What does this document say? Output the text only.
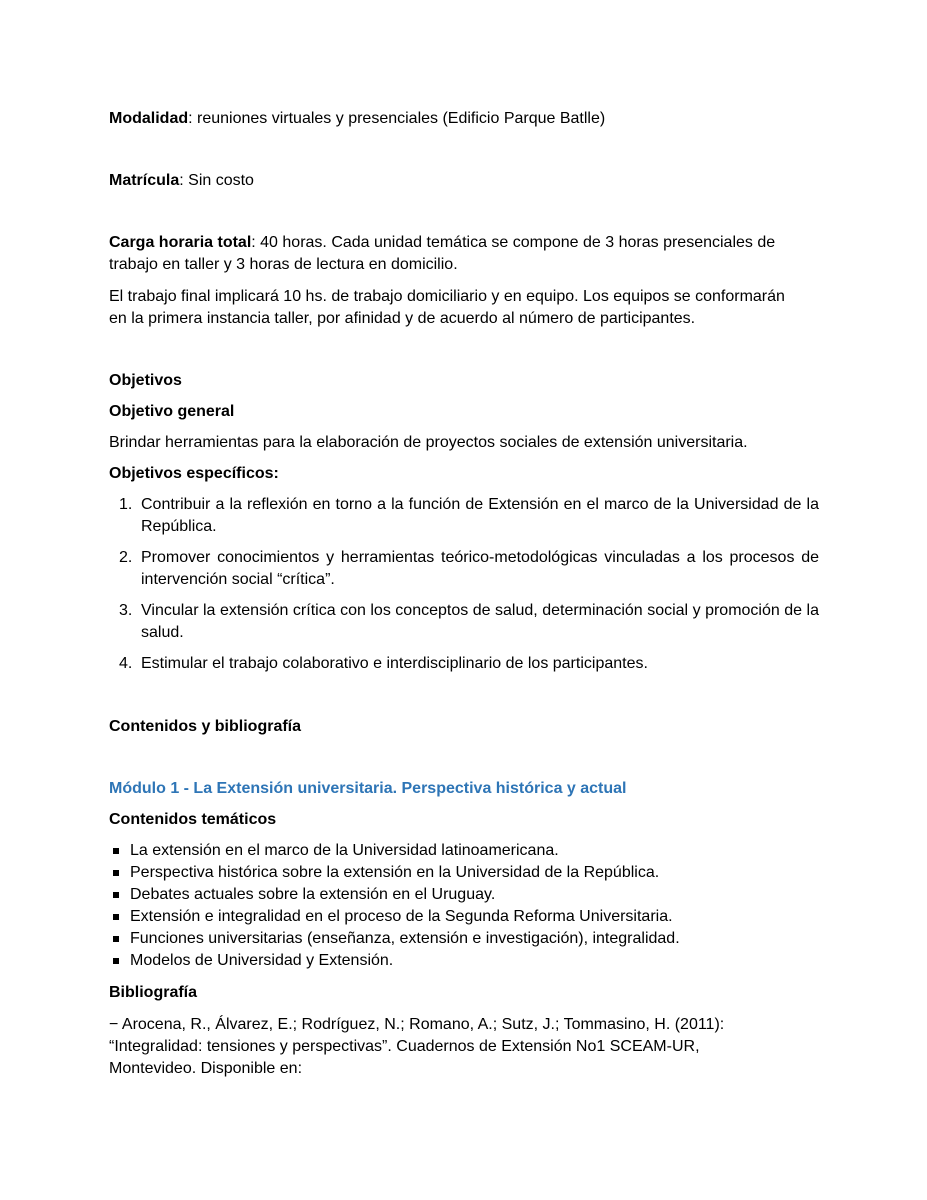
Modalidad: reuniones virtuales y presenciales (Edificio Parque Batlle)
Matrícula: Sin costo
Carga horaria total: 40 horas. Cada unidad temática se compone de 3 horas presenciales de
trabajo en taller y 3 horas de lectura en domicilio.
El trabajo final implicará 10 hs. de trabajo domiciliario y en equipo. Los equipos se conformarán
en la primera instancia taller, por afinidad y de acuerdo al número de participantes.
Objetivos
Objetivo general
Brindar herramientas para la elaboración de proyectos sociales de extensión universitaria.
Objetivos específicos:
1. Contribuir a la reflexión en torno a la función de Extensión en el marco de la Universidad de la República.
2. Promover conocimientos y herramientas teórico-metodológicas vinculadas a los procesos de intervención social “crítica”.
3. Vincular la extensión crítica con los conceptos de salud, determinación social y promoción de la salud.
4. Estimular el trabajo colaborativo e interdisciplinario de los participantes.
Contenidos y bibliografía
Módulo 1 - La Extensión universitaria. Perspectiva histórica y actual
Contenidos temáticos
La extensión en el marco de la Universidad latinoamericana.
Perspectiva histórica sobre la extensión en la Universidad de la República.
Debates actuales sobre la extensión en el Uruguay.
Extensión e integralidad en el proceso de la Segunda Reforma Universitaria.
Funciones universitarias (enseñanza, extensión e investigación), integralidad.
Modelos de Universidad y Extensión.
Bibliografía
− Arocena, R., Álvarez, E.; Rodríguez, N.; Romano, A.; Sutz, J.; Tommasino, H. (2011):
“Integralidad: tensiones y perspectivas”. Cuadernos de Extensión No1 SCEAM-UR,
Montevideo. Disponible en:
